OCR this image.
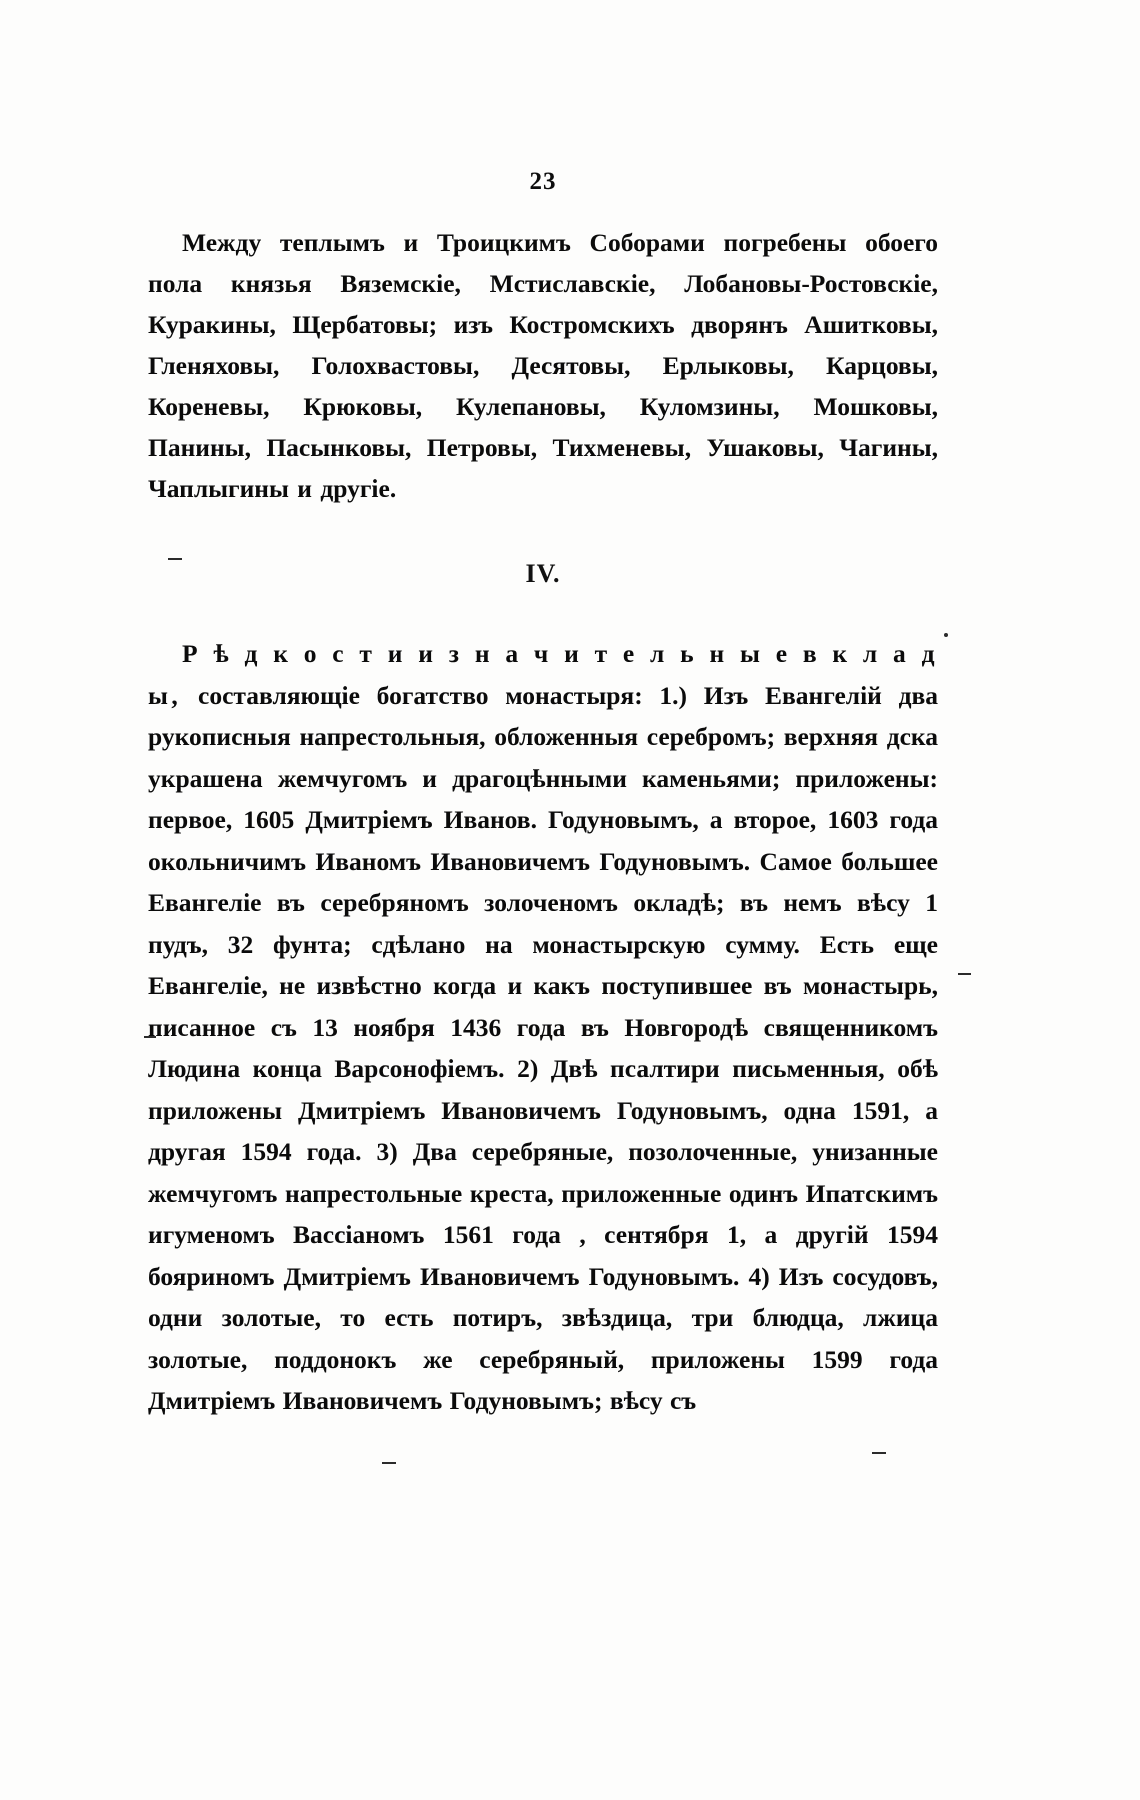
23

Между теплымъ и Троицкимъ Соборами погребены обоего пола князья Вяземскіе, Мстиславскіе, Лобановы-Ростовскіе, Куракины, Щербатовы; изъ Костромскихъ дворянъ Ашитковы, Гленяховы, Голохвастовы, Десятовы, Ерлыковы, Карцовы, Кореневы, Крюковы, Кулепановы, Куломзины, Мошковы, Панины, Пасынковы, Петровы, Тихменевы, Ушаковы, Чагины, Чаплыгины и другіе.

IV.

Р ѣ д к о с т и и з н а ч и т е л ь н ы е в к л а д ы, составляющіе богатство монастыря: 1.) Изъ Евангелій два рукописныя напрестольныя, обложенныя серебромъ; верхняя дска украшена жемчугомъ и драгоцѣнными каменьями; приложены: первое, 1605 Дмитріемъ Иванов. Годуновымъ, а второе, 1603 года окольничимъ Иваномъ Ивановичемъ Годуновымъ. Самое большее Евангеліе въ серебряномъ золоченомъ окладѣ; въ немъ вѣсу 1 пудъ, 32 фунта; сдѣлано на монастырскую сумму. Есть еще Евангеліе, не извѣстно когда и какъ поступившее въ монастырь, писанное съ 13 ноября 1436 года въ Новгородѣ священникомъ Людина конца Варсонофіемъ. 2) Двѣ псалтири письменныя, обѣ приложены Дмитріемъ Ивановичемъ Годуновымъ, одна 1591, а другая 1594 года. 3) Два серебряные, позолоченные, унизанные жемчугомъ напрестольные креста, приложенные одинъ Ипатскимъ игуменомъ Вассіаномъ 1561 года , сентября 1, а другій 1594 бояриномъ Дмитріемъ Ивановичемъ Годуновымъ. 4) Изъ сосудовъ, одни золотые, то есть потиръ, звѣздица, три блюдца, лжица золотые, поддонокъ же серебряный, приложены 1599 года Дмитріемъ Ивановичемъ Годуновымъ; вѣсу съ
